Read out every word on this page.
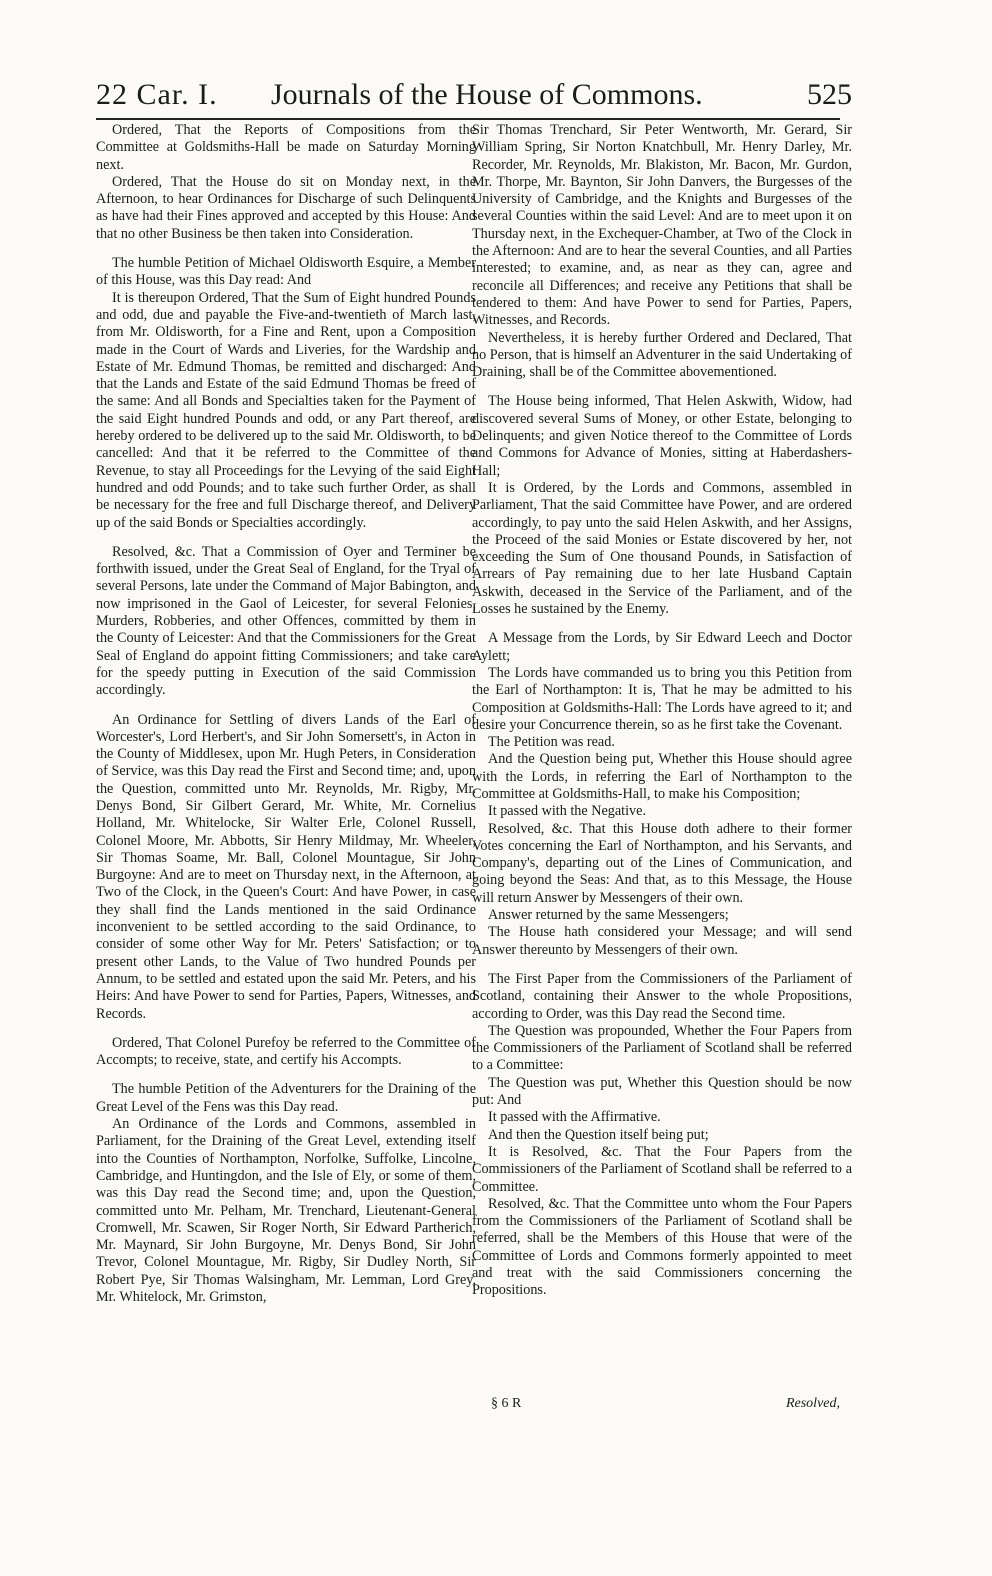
22 Car. I. Journals of the House of Commons.	525

Ordered, That the Reports of Compositions from the Committee at Goldsmiths-Hall be made on Saturday Morning next.

Ordered, That the House do sit on Monday next, in the Afternoon, to hear Ordinances for Discharge of such Delinquents as have had their Fines approved and accepted by this House: And that no other Business be then taken into Consideration.

The humble Petition of Michael Oldisworth Esquire, a Member of this House, was this Day read: And

It is thereupon Ordered, That the Sum of Eight hundred Pounds and odd, due and payable the Five-and-twentieth of March last, from Mr. Oldisworth, for a Fine and Rent, upon a Composition made in the Court of Wards and Liveries, for the Wardship and Estate of Mr. Edmund Thomas, be remitted and discharged: And that the Lands and Estate of the said Edmund Thomas be freed of the same: And all Bonds and Specialties taken for the Payment of the said Eight hundred Pounds and odd, or any Part thereof, are hereby ordered to be delivered up to the said Mr. Oldisworth, to be cancelled: And that it be referred to the Committee of the Revenue, to stay all Proceedings for the Levying of the said Eight hundred and odd Pounds; and to take such further Order, as shall be necessary for the free and full Discharge thereof, and Delivery up of the said Bonds or Specialties accordingly.

Resolved, &c. That a Commission of Oyer and Terminer be forthwith issued, under the Great Seal of England, for the Tryal of several Persons, late under the Command of Major Babington, and now imprisoned in the Gaol of Leicester, for several Felonies, Murders, Robberies, and other Offences, committed by them in the County of Leicester: And that the Commissioners for the Great Seal of England do appoint fitting Commissioners; and take care for the speedy putting in Execution of the said Commission accordingly.

An Ordinance for Settling of divers Lands of the Earl of Worcester's, Lord Herbert's, and Sir John Somersett's, in Acton in the County of Middlesex, upon Mr. Hugh Peters, in Consideration of Service, was this Day read the First and Second time; and, upon the Question, committed unto Mr. Reynolds, Mr. Rigby, Mr. Denys Bond, Sir Gilbert Gerard, Mr. White, Mr. Cornelius Holland, Mr. Whitelocke, Sir Walter Erle, Colonel Russell, Colonel Moore, Mr. Abbotts, Sir Henry Mildmay, Mr. Wheeler, Sir Thomas Soame, Mr. Ball, Colonel Mountague, Sir John Burgoyne: And are to meet on Thursday next, in the Afternoon, at Two of the Clock, in the Queen's Court: And have Power, in case they shall find the Lands mentioned in the said Ordinance inconvenient to be settled according to the said Ordinance, to consider of some other Way for Mr. Peters' Satisfaction; or to present other Lands, to the Value of Two hundred Pounds per Annum, to be settled and estated upon the said Mr. Peters, and his Heirs: And have Power to send for Parties, Papers, Witnesses, and Records.

Ordered, That Colonel Purefoy be referred to the Committee of Accompts; to receive, state, and certify his Accompts.

The humble Petition of the Adventurers for the Draining of the Great Level of the Fens was this Day read.

An Ordinance of the Lords and Commons, assembled in Parliament, for the Draining of the Great Level, extending itself into the Counties of Northampton, Norfolke, Suffolke, Lincolne, Cambridge, and Huntingdon, and the Isle of Ely, or some of them, was this Day read the Second time; and, upon the Question, committed unto Mr. Pelham, Mr. Trenchard, Lieutenant-General Cromwell, Mr. Scawen, Sir Roger North, Sir Edward Partherich, Mr. Maynard, Sir John Burgoyne, Mr. Denys Bond, Sir John Trevor, Colonel Mountague, Mr. Rigby, Sir Dudley North, Sir Robert Pye, Sir Thomas Walsingham, Mr. Lemman, Lord Grey, Mr. Whitelock, Mr. Grimston,

Sir Thomas Trenchard, Sir Peter Wentworth, Mr. Gerard, Sir William Spring, Sir Norton Knatchbull, Mr. Henry Darley, Mr. Recorder, Mr. Reynolds, Mr. Blakiston, Mr. Bacon, Mr. Gurdon, Mr. Thorpe, Mr. Baynton, Sir John Danvers, the Burgesses of the University of Cambridge, and the Knights and Burgesses of the several Counties within the said Level: And are to meet upon it on Thursday next, in the Exchequer-Chamber, at Two of the Clock in the Afternoon: And are to hear the several Counties, and all Parties interested; to examine, and, as near as they can, agree and reconcile all Differences; and receive any Petitions that shall be tendered to them: And have Power to send for Parties, Papers, Witnesses, and Records.

Nevertheless, it is hereby further Ordered and Declared, That no Person, that is himself an Adventurer in the said Undertaking of Draining, shall be of the Committee abovementioned.

The House being informed, That Helen Askwith, Widow, had discovered several Sums of Money, or other Estate, belonging to Delinquents; and given Notice thereof to the Committee of Lords and Commons for Advance of Monies, sitting at Haberdashers-Hall;

It is Ordered, by the Lords and Commons, assembled in Parliament, That the said Committee have Power, and are ordered accordingly, to pay unto the said Helen Askwith, and her Assigns, the Proceed of the said Monies or Estate discovered by her, not exceeding the Sum of One thousand Pounds, in Satisfaction of Arrears of Pay remaining due to her late Husband Captain Askwith, deceased in the Service of the Parliament, and of the Losses he sustained by the Enemy.

A Message from the Lords, by Sir Edward Leech and Doctor Aylett;

The Lords have commanded us to bring you this Petition from the Earl of Northampton: It is, That he may be admitted to his Composition at Goldsmiths-Hall: The Lords have agreed to it; and desire your Concurrence therein, so as he first take the Covenant.

The Petition was read.

And the Question being put, Whether this House should agree with the Lords, in referring the Earl of Northampton to the Committee at Goldsmiths-Hall, to make his Composition;

It passed with the Negative.

Resolved, &c. That this House doth adhere to their former Votes concerning the Earl of Northampton, and his Servants, and Company's, departing out of the Lines of Communication, and going beyond the Seas: And that, as to this Message, the House will return Answer by Messengers of their own.

Answer returned by the same Messengers;

The House hath considered your Message; and will send Answer thereunto by Messengers of their own.

The First Paper from the Commissioners of the Parliament of Scotland, containing their Answer to the whole Propositions, according to Order, was this Day read the Second time.

The Question was propounded, Whether the Four Papers from the Commissioners of the Parliament of Scotland shall be referred to a Committee:

The Question was put, Whether this Question should be now put: And

It passed with the Affirmative.

And then the Question itself being put;

It is Resolved, &c. That the Four Papers from the Commissioners of the Parliament of Scotland shall be referred to a Committee.

Resolved, &c. That the Committee unto whom the Four Papers from the Commissioners of the Parliament of Scotland shall be referred, shall be the Members of this House that were of the Committee of Lords and Commons formerly appointed to meet and treat with the said Commissioners concerning the Propositions.

§ 6 R	Resolved,
